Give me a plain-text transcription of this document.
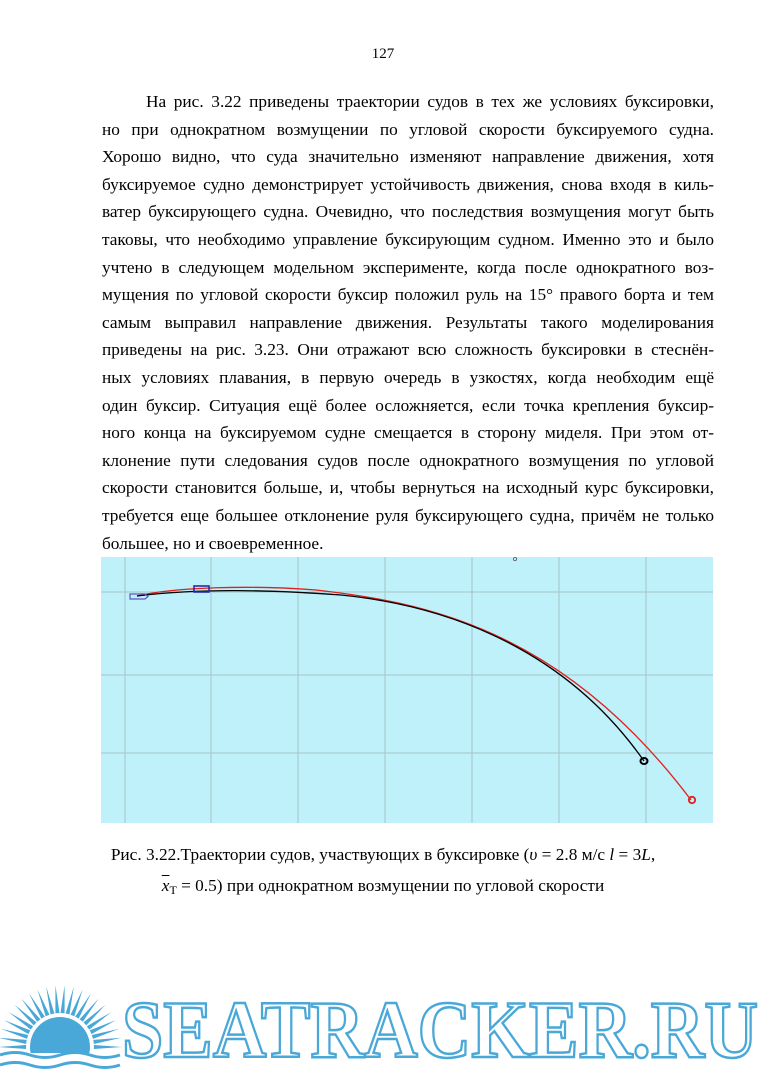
127
На рис. 3.22 приведены траектории судов в тех же условиях буксировки,
но при однократном возмущении по угловой скорости буксируемого судна.
Хорошо видно, что суда значительно изменяют направление движения, хотя
буксируемое судно демонстрирует устойчивость движения, снова входя в киль-
ватер буксирующего судна. Очевидно, что последствия возмущения могут быть
таковы, что необходимо управление буксирующим судном. Именно это и было
учтено в следующем модельном эксперименте, когда после однократного воз-
мущения по угловой скорости буксир положил руль на 15° правого борта и тем
самым выправил направление движения. Результаты такого моделирования
приведены на рис. 3.23. Они отражают всю сложность буксировки в стеснён-
ных условиях плавания, в первую очередь в узкостях, когда необходим ещё
один буксир. Ситуация ещё более осложняется, если точка крепления буксир-
ного конца на буксируемом судне смещается в сторону миделя. При этом от-
клонение пути следования судов после однократного возмущения по угловой
скорости становится больше, и, чтобы вернуться на исходный курс буксировки,
требуется еще большее отклонение руля буксирующего судна, причём не только
большее, но и своевременное.
Рис. 3.22.Траектории судов, участвующих в буксировке (υ = 2.8 м/с l = 3L,
$\overline{x}_T = 0.5$) при однократном возмущении по угловой скорости
SEATRACKER.RU
